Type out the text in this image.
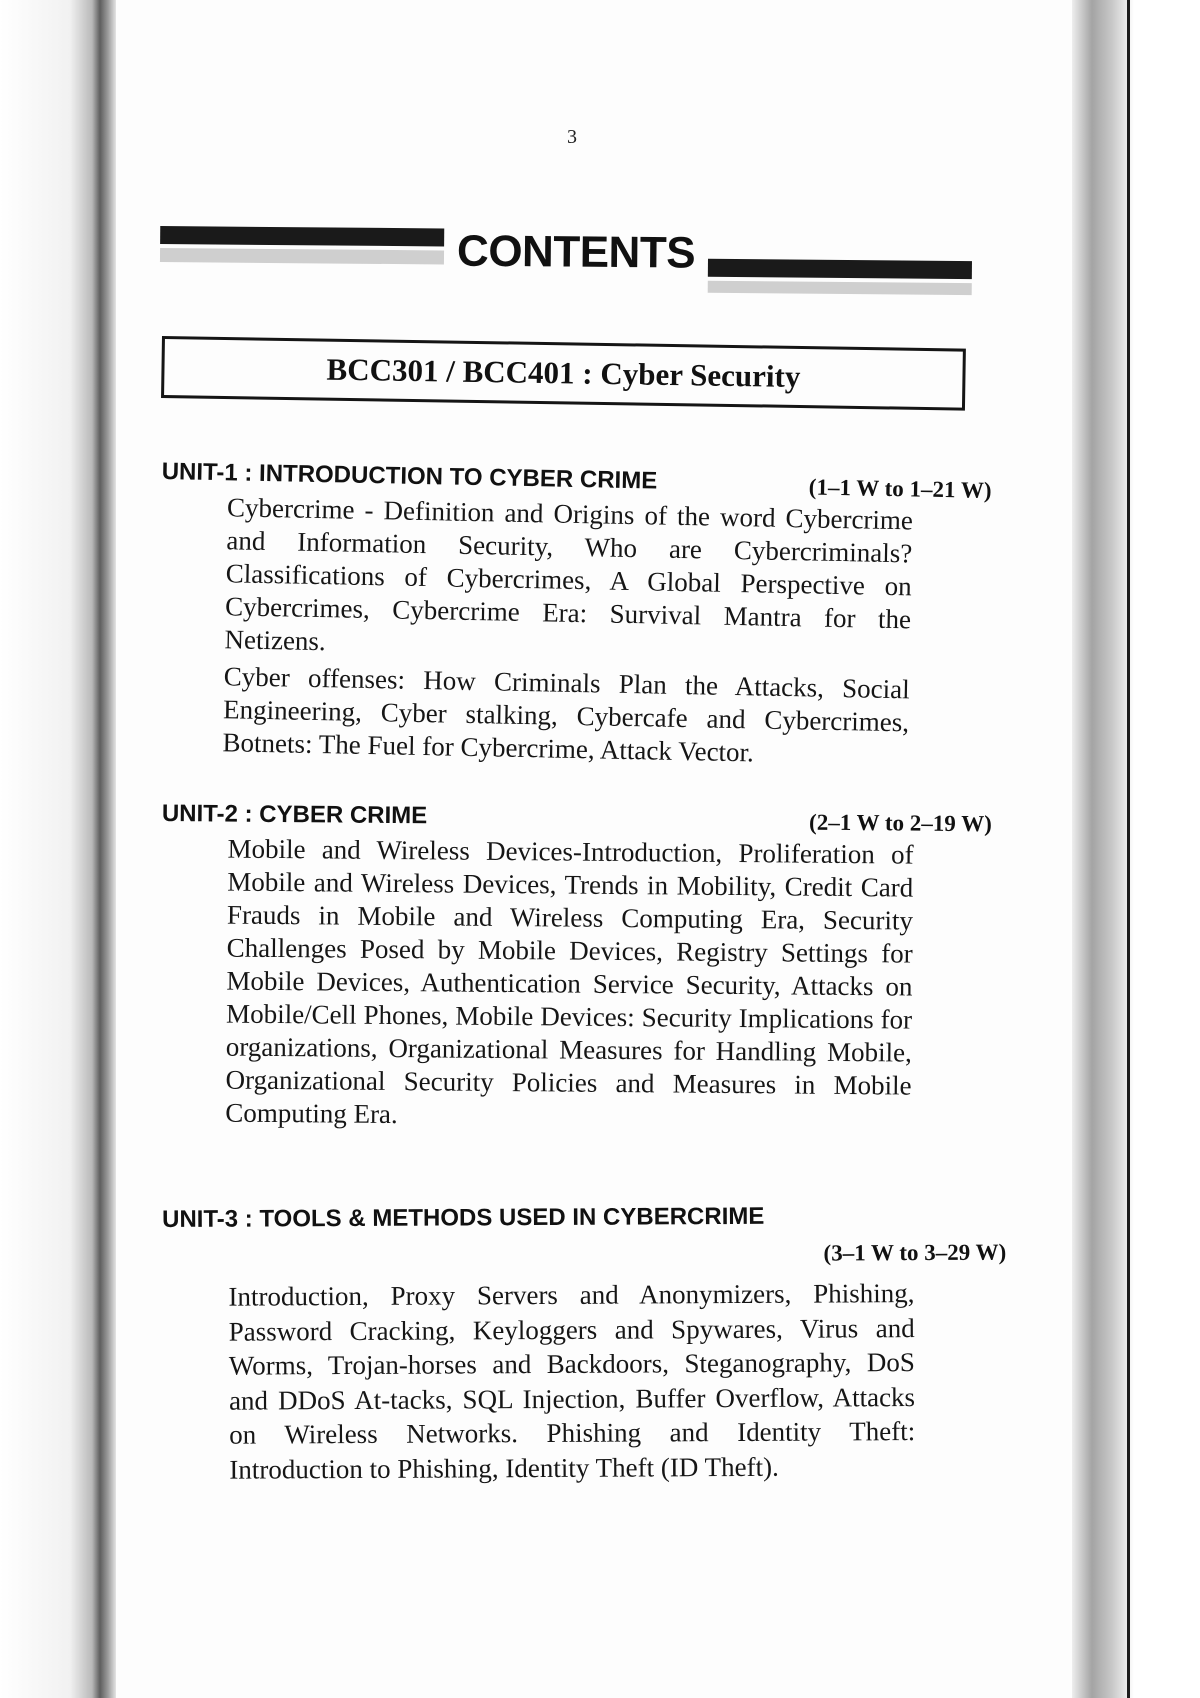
3
CONTENTS
BCC301 / BCC401 : Cyber Security
UNIT-1 : INTRODUCTION TO CYBER CRIME	(1–1 W to 1–21 W)

Cybercrime - Definition and Origins of the word Cybercrime and Information Security, Who are Cybercriminals? Classifications of Cybercrimes, A Global Perspective on Cybercrimes, Cybercrime Era: Survival Mantra for the Netizens.

Cyber offenses: How Criminals Plan the Attacks, Social Engineering, Cyber stalking, Cybercafe and Cybercrimes, Botnets: The Fuel for Cybercrime, Attack Vector.

UNIT-2 : CYBER CRIME	(2–1 W to 2–19 W)

Mobile and Wireless Devices-Introduction, Proliferation of Mobile and Wireless Devices, Trends in Mobility, Credit Card Frauds in Mobile and Wireless Computing Era, Security Challenges Posed by Mobile Devices, Registry Settings for Mobile Devices, Authentication Service Security, Attacks on Mobile/Cell Phones, Mobile Devices: Security Implications for organizations, Organizational Measures for Handling Mobile, Organizational Security Policies and Measures in Mobile Computing Era.

UNIT-3 : TOOLS & METHODS USED IN CYBERCRIME
(3–1 W to 3–29 W)

Introduction, Proxy Servers and Anonymizers, Phishing, Password Cracking, Keyloggers and Spywares, Virus and Worms, Trojan-horses and Backdoors, Steganography, DoS and DDoS At-tacks, SQL Injection, Buffer Overflow, Attacks on Wireless Networks. Phishing and Identity Theft: Introduction to Phishing, Identity Theft (ID Theft).
